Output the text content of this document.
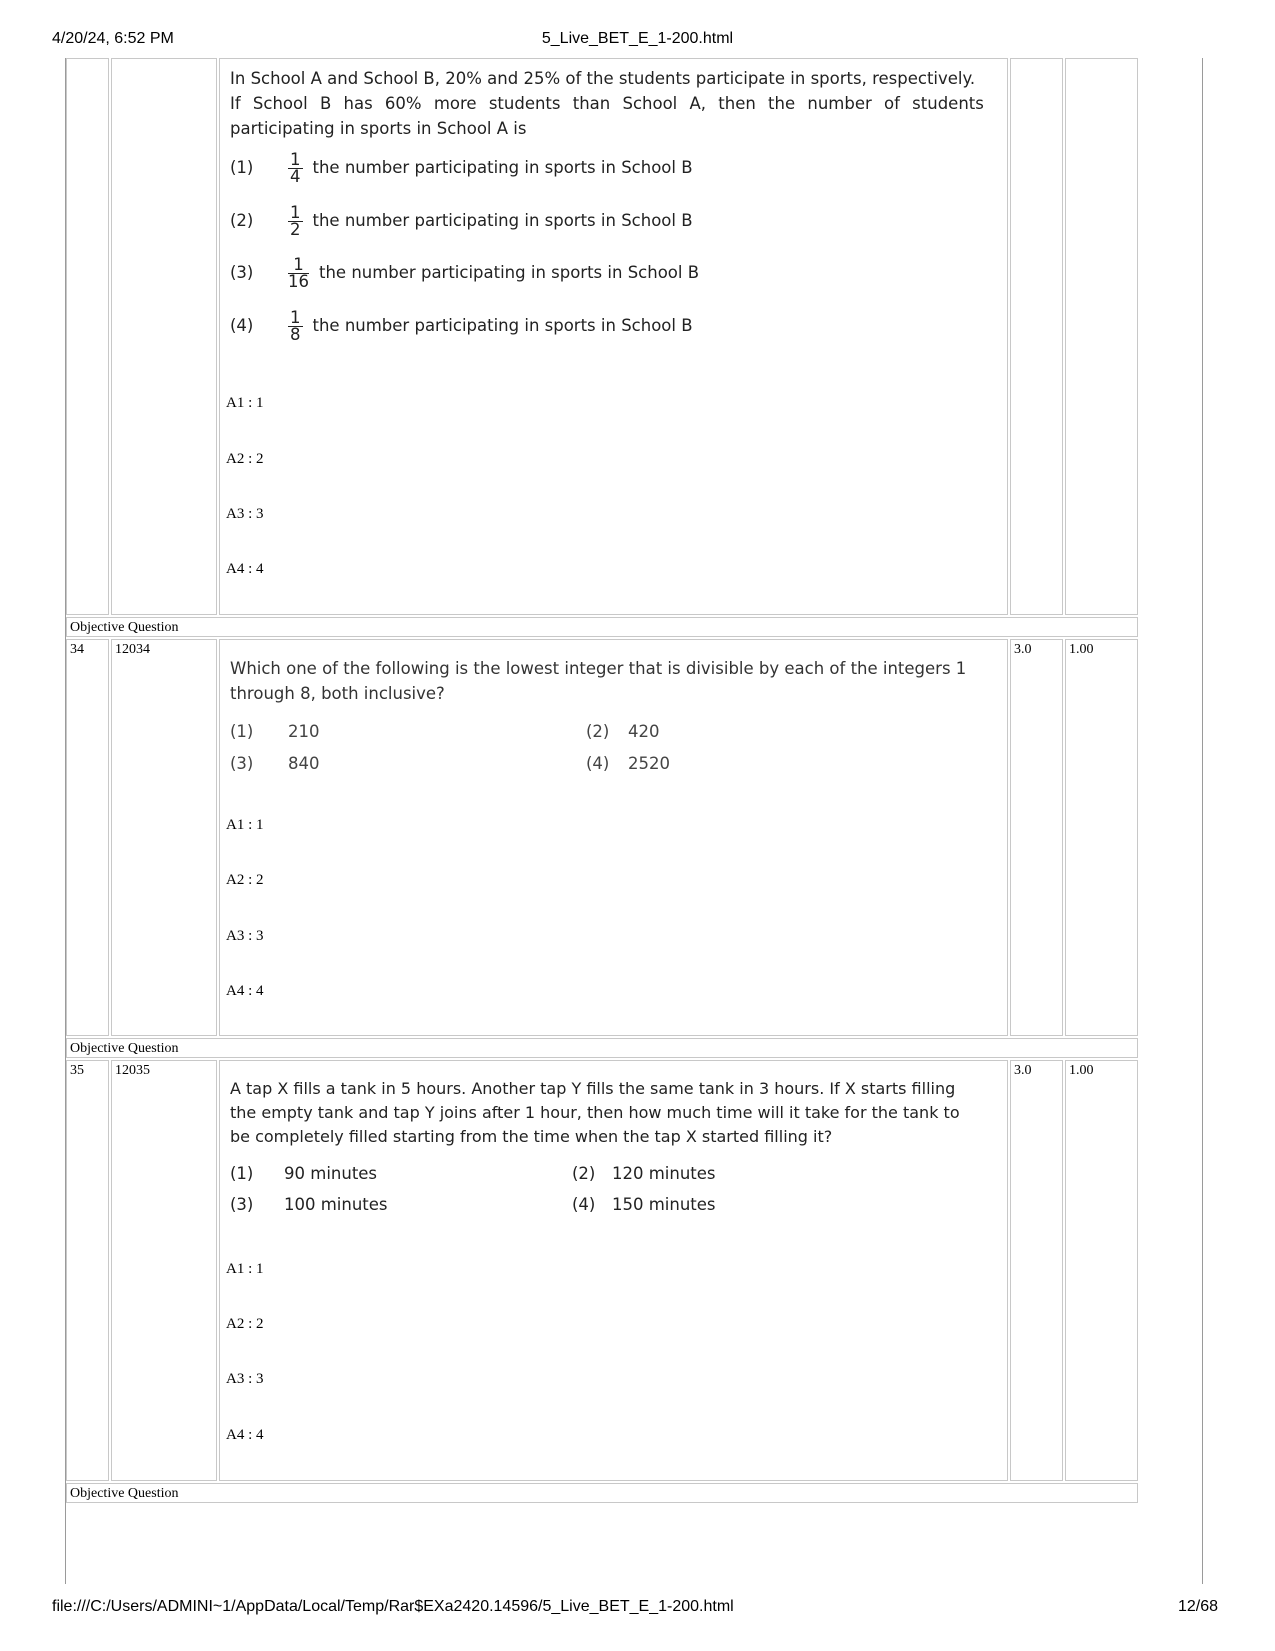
4/20/24, 6:52 PM	5_Live_BET_E_1-200.html
In School A and School B, 20% and 25% of the students participate in sports, respectively.
If School B has 60% more students than School A, then the number of students
participating in sports in School A is
$(1) \frac{1}{4}$ the number participating in sports in School B
$(2) \frac{1}{2}$ the number participating in sports in School B
$(3) \frac{1}{16}$ the number participating in sports in School B
$(4) \frac{1}{8}$ the number participating in sports in School B
A1 : 1
A2 : 2
A3 : 3
A4 : 4
Objective Question
34 12034	3.0	1.00
Which one of the following is the lowest integer that is divisible by each of the integers 1
through 8, both inclusive?
(1) 210	(2) 420
(3) 840	(4) 2520
A1 : 1
A2 : 2
A3 : 3
A4 : 4
Objective Question
35 12035	3.0	1.00
A tap X fills a tank in 5 hours. Another tap Y fills the same tank in 3 hours. If X starts filling
the empty tank and tap Y joins after 1 hour, then how much time will it take for the tank to
be completely filled starting from the time when the tap X started filling it?
(1) 90 minutes	(2) 120 minutes
(3) 100 minutes	(4) 150 minutes
A1 : 1
A2 : 2
A3 : 3
A4 : 4
Objective Question
file:///C:/Users/ADMINI~1/AppData/Local/Temp/Rar$EXa2420.14596/5_Live_BET_E_1-200.html	12/68
